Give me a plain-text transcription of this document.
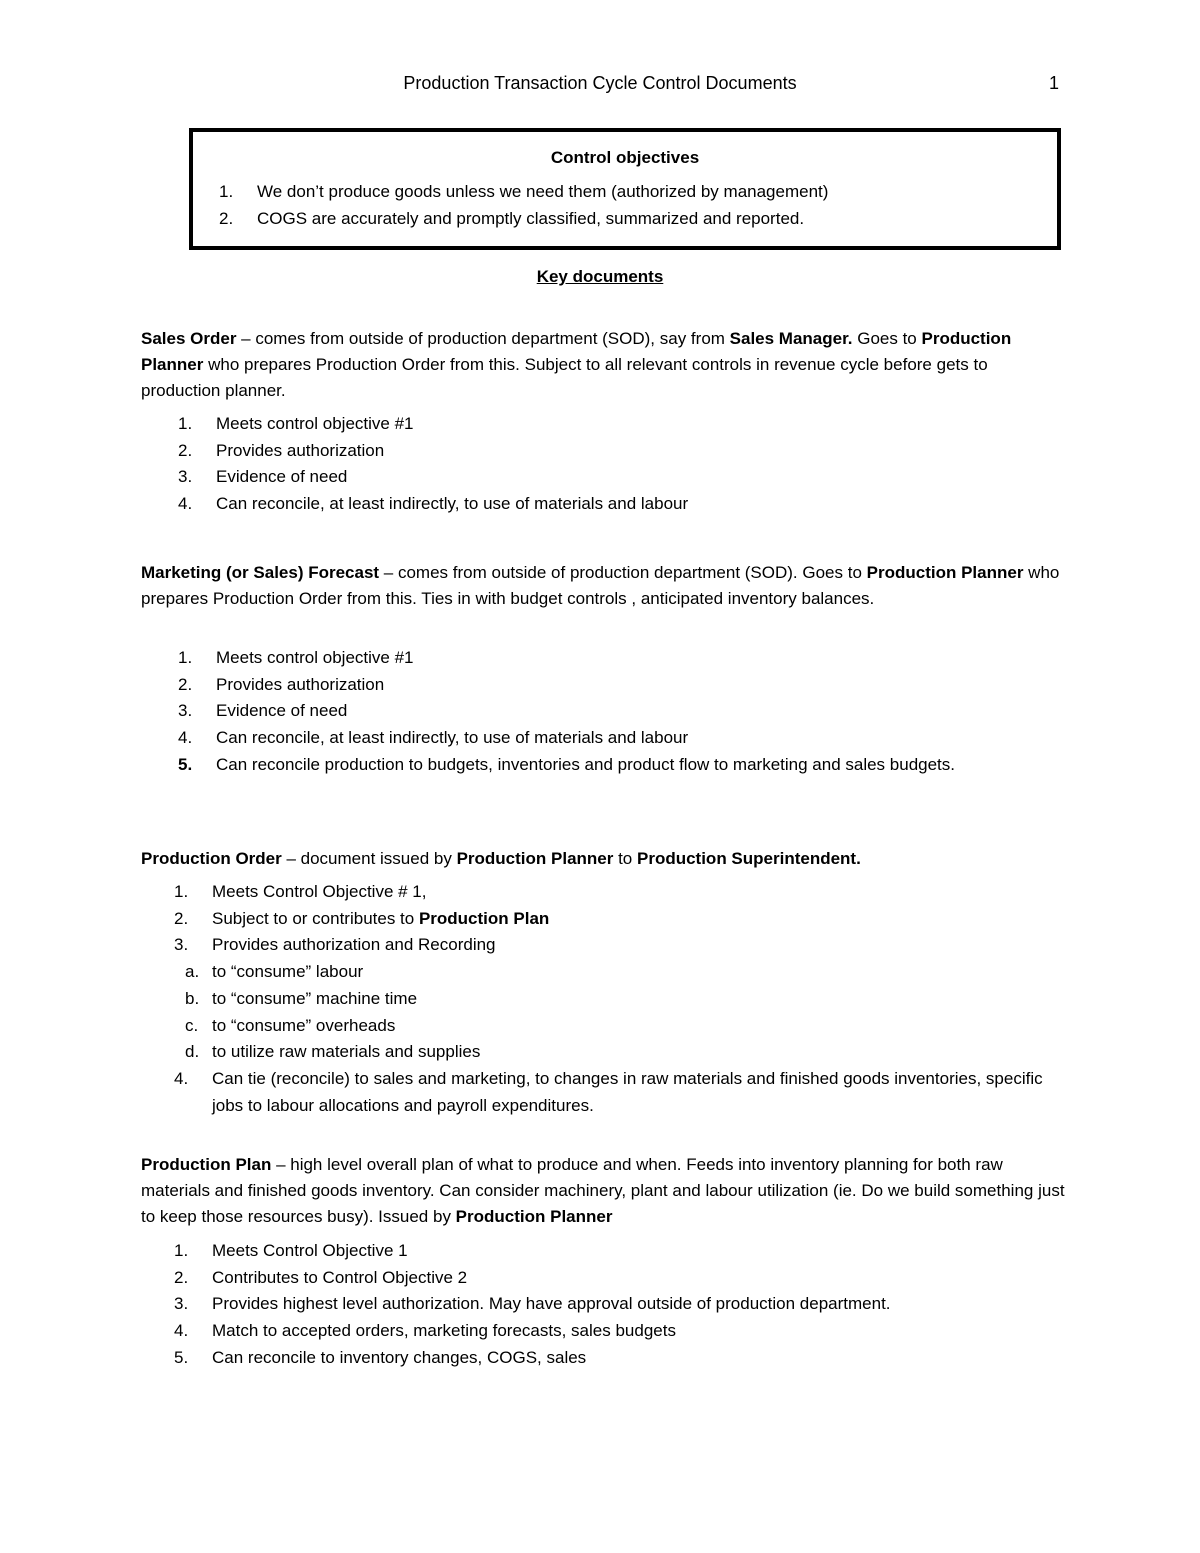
Production Transaction Cycle Control Documents	1
Control objectives
1. We don’t produce goods unless we need them (authorized by management)
2. COGS are accurately and promptly classified, summarized and reported.
Key documents
Sales Order – comes from outside of production department (SOD), say from Sales Manager. Goes to Production Planner who prepares Production Order from this. Subject to all relevant controls in revenue cycle before gets to production planner.
1.	Meets control objective #1
2.	Provides authorization
3.	Evidence of need
4.	Can reconcile, at least indirectly, to use of materials and labour
Marketing (or Sales) Forecast – comes from outside of production department (SOD). Goes to Production Planner who prepares Production Order from this. Ties in with budget controls , anticipated inventory balances.
1.	Meets control objective #1
2.	Provides authorization
3.	Evidence of need
4.	Can reconcile, at least indirectly, to use of materials and labour
5.	Can reconcile production to budgets, inventories and product flow to marketing and sales budgets.
Production Order – document issued by Production Planner to Production Superintendent.
1.	Meets Control Objective # 1,
2.	Subject to or contributes to Production Plan
3.	Provides authorization and Recording
a. to “consume” labour
b. to “consume” machine time
c. to “consume” overheads
d. to utilize raw materials and supplies
4.	Can tie (reconcile) to sales and marketing, to changes in raw materials and finished goods inventories, specific jobs to labour allocations and payroll expenditures.
Production Plan – high level overall plan of what to produce and when. Feeds into inventory planning for both raw materials and finished goods inventory. Can consider machinery, plant and labour utilization (ie. Do we build something just to keep those resources busy). Issued by Production Planner
1.	Meets Control Objective 1
2.	Contributes to Control Objective 2
3.	Provides highest level authorization. May have approval outside of production department.
4.	Match to accepted orders, marketing forecasts, sales budgets
5.	Can reconcile to inventory changes, COGS, sales
